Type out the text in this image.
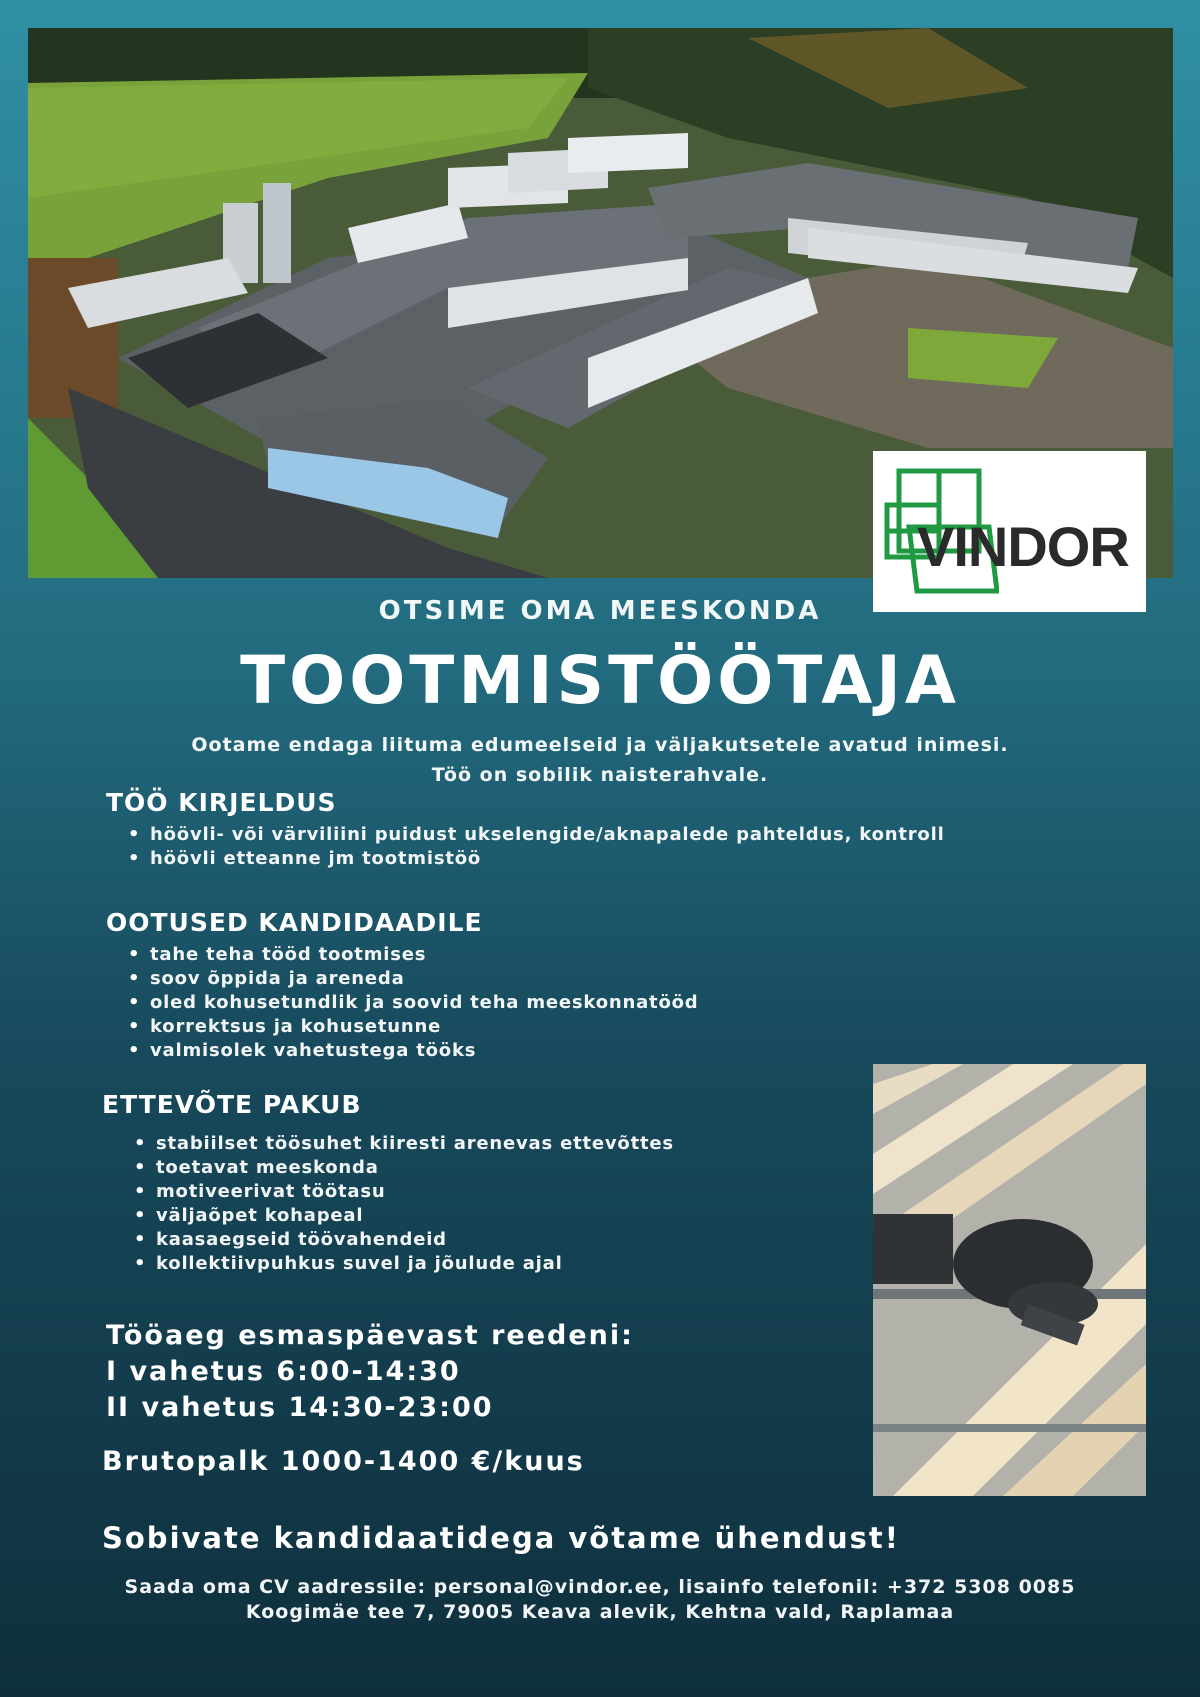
VINDOR
OTSIME OMA MEESKONDA
TOOTMISTÖÖTAJA
Ootame endaga liituma edumeelseid ja väljakutsetele avatud inimesi.
Töö on sobilik naisterahvale.
TÖÖ KIRJELDUS
• höövli- või värviliini puidust ukselengide/aknapalede pahteldus, kontroll
• höövli etteanne jm tootmistöö
OOTUSED KANDIDAADILE
• tahe teha tööd tootmises
• soov õppida ja areneda
• oled kohusetundlik ja soovid teha meeskonnatööd
• korrektsus ja kohusetunne
• valmisolek vahetustega tööks
ETTEVÕTE PAKUB
• stabiilset töösuhet kiiresti arenevas ettevõttes
• toetavat meeskonda
• motiveerivat töötasu
• väljaõpet kohapeal
• kaasaegseid töövahendeid
• kollektiivpuhkus suvel ja jõulude ajal
Tööaeg esmaspäevast reedeni:
I vahetus 6:00-14:30
II vahetus 14:30-23:00
Brutopalk 1000-1400 €/kuus
Sobivate kandidaatidega võtame ühendust!
Saada oma CV aadressile: personal@vindor.ee, lisainfo telefonil: +372 5308 0085
Koogimäe tee 7, 79005 Keava alevik, Kehtna vald, Raplamaa
